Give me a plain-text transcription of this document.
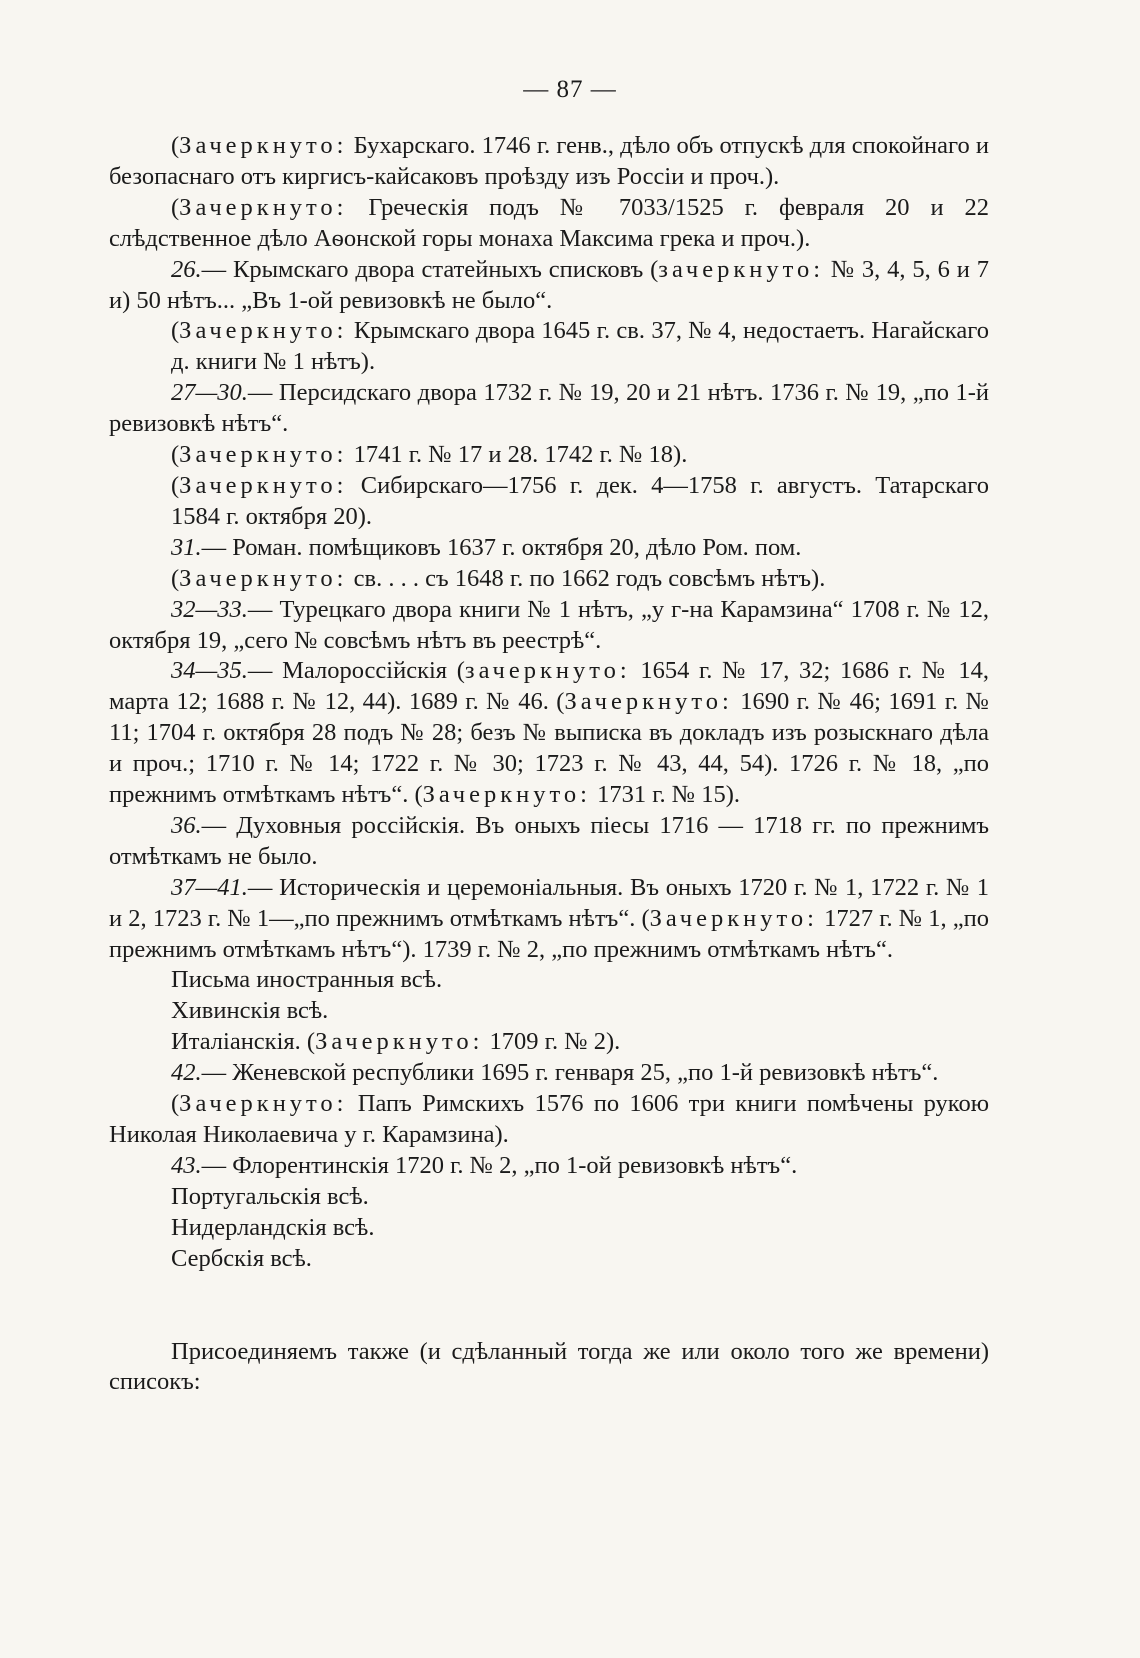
— 87 —

(Зачеркнуто: Бухарскаго. 1746 г. генв., дѣло объ отпускѣ для спокойнаго и безопаснаго отъ киргисъ-кайсаковъ проѣзду изъ Россіи и проч.).

(Зачеркнуто: Греческія подъ № 7033/1525 г. февраля 20 и 22 слѣдственное дѣло Аѳонской горы монаха Максима грека и проч.).

26.— Крымскаго двора статейныхъ списковъ (зачеркнуто: № 3, 4, 5, 6 и 7 и) 50 нѣтъ... „Въ 1-ой ревизовкѣ не было“.

(Зачеркнуто: Крымскаго двора 1645 г. св. 37, № 4, недостаетъ. Нагайскаго д. книги № 1 нѣтъ).

27—30.— Персидскаго двора 1732 г. № 19, 20 и 21 нѣтъ. 1736 г. № 19, „по 1-й ревизовкѣ нѣтъ“.

(Зачеркнуто: 1741 г. № 17 и 28. 1742 г. № 18).

(Зачеркнуто: Сибирскаго—1756 г. дек. 4—1758 г. августъ. Татарскаго 1584 г. октября 20).

31.— Роман. помѣщиковъ 1637 г. октября 20, дѣло Ром. пом.

(Зачеркнуто: св. . . . съ 1648 г. по 1662 годъ совсѣмъ нѣтъ).

32—33.— Турецкаго двора книги № 1 нѣтъ, „у г-на Карамзина“ 1708 г. № 12, октября 19, „сего № совсѣмъ нѣтъ въ реестрѣ“.

34—35.— Малороссійскія (зачеркнуто: 1654 г. № 17, 32; 1686 г. № 14, марта 12; 1688 г. № 12, 44). 1689 г. № 46. (Зачеркнуто: 1690 г. № 46; 1691 г. № 11; 1704 г. октября 28 подъ № 28; безъ № выписка въ докладъ изъ розыскнаго дѣла и проч.; 1710 г. № 14; 1722 г. № 30; 1723 г. № 43, 44, 54). 1726 г. № 18, „по прежнимъ отмѣткамъ нѣтъ“. (Зачеркнуто: 1731 г. № 15).

36.— Духовныя россійскія. Въ оныхъ піесы 1716 — 1718 гг. по прежнимъ отмѣткамъ не было.

37—41.— Историческія и церемоніальныя. Въ оныхъ 1720 г. № 1, 1722 г. № 1 и 2, 1723 г. № 1—„по прежнимъ отмѣткамъ нѣтъ“. (Зачеркнуто: 1727 г. № 1, „по прежнимъ отмѣткамъ нѣтъ“). 1739 г. № 2, „по прежнимъ отмѣткамъ нѣтъ“.

Письма иностранныя всѣ.

Хивинскія всѣ.

Италіанскія. (Зачеркнуто: 1709 г. № 2).

42.— Женевской республики 1695 г. генваря 25, „по 1-й ревизовкѣ нѣтъ“.

(Зачеркнуто: Папъ Римскихъ 1576 по 1606 три книги помѣчены рукою Николая Николаевича у г. Карамзина).

43.— Флорентинскія 1720 г. № 2, „по 1-ой ревизовкѣ нѣтъ“.

Португальскія всѣ.

Нидерландскія всѣ.

Сербскія всѣ.

Присоединяемъ также (и сдѣланный тогда же или около того же времени) списокъ:
